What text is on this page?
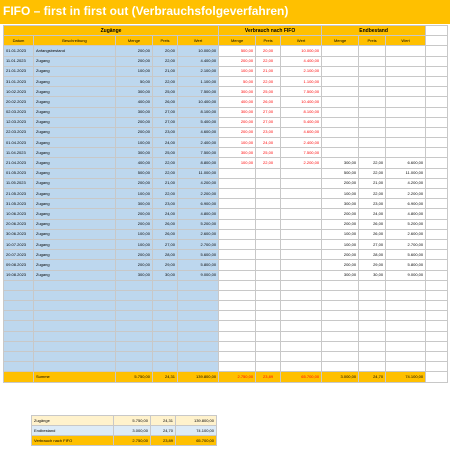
FIFO – first in first out (Verbrauchsfolgeverfahren)
Zugänge					Verbrauch nach FIFO			Endbestand			
Datum	Beschreibung	Menge	Preis	Wert	Menge	Preis	Wert	Menge	Preis	Wert	
01.01.2023	Anfangsbestand	200,00	20,00	10.000,00	500,00	20,00	10.000,00				
11.01.2023	Zugang	200,00	22,00	4.400,00	200,00	22,00	4.400,00				
21.01.2023	Zugang	100,00	21,00	2.100,00	100,00	21,00	2.100,00				
31.01.2023	Zugang	50,00	22,00	1.100,00	50,00	22,00	1.100,00				
10.02.2023	Zugang	300,00	25,00	7.500,00	300,00	25,00	7.500,00				
20.02.2023	Zugang	400,00	26,00	10.400,00	400,00	26,00	10.400,00				
02.03.2023	Zugang	300,00	27,00	8.100,00	300,00	27,00	8.100,00				
12.03.2023	Zugang	200,00	27,00	5.400,00	200,00	27,00	5.400,00				
22.03.2023	Zugang	200,00	23,00	4.600,00	200,00	23,00	4.600,00				
01.04.2023	Zugang	100,00	24,00	2.400,00	100,00	24,00	2.400,00				
11.04.2023	Zugang	300,00	25,00	7.500,00	300,00	25,00	7.500,00				
21.04.2023	Zugang	400,00	22,00	8.800,00	100,00	22,00	2.200,00	300,00	22,00	6.600,00	
01.05.2023	Zugang	500,00	22,00	11.000,00				500,00	22,00	11.000,00	
11.05.2023	Zugang	200,00	21,00	4.200,00				200,00	21,00	4.200,00	
21.05.2023	Zugang	100,00	22,00	2.200,00				100,00	22,00	2.200,00	
31.05.2023	Zugang	300,00	23,00	6.900,00				300,00	23,00	6.900,00	
10.06.2023	Zugang	200,00	24,00	4.800,00				200,00	24,00	4.800,00	
20.06.2023	Zugang	200,00	26,00	5.200,00				200,00	26,00	5.200,00	
30.06.2023	Zugang	100,00	26,00	2.600,00				100,00	26,00	2.600,00	
10.07.2023	Zugang	100,00	27,00	2.700,00				100,00	27,00	2.700,00	
20.07.2023	Zugang	200,00	28,00	5.600,00				200,00	28,00	5.600,00	
09.08.2023	Zugang	200,00	29,00	5.800,00				200,00	29,00	5.800,00	
19.08.2023	Zugang	300,00	30,00	9.000,00				300,00	30,00	9.000,00	

	Summe	5.750,00	24,31	139.800,00	2.750,00	23,89	65.700,00	3.000,00	24,70	74.100,00	
Zugänge	5.750,00	24,31	139.800,00
Endbestand	3.000,00	24,70	74.100,00
Verbrauch nach FIFO	2.750,00	23,89	65.700,00
